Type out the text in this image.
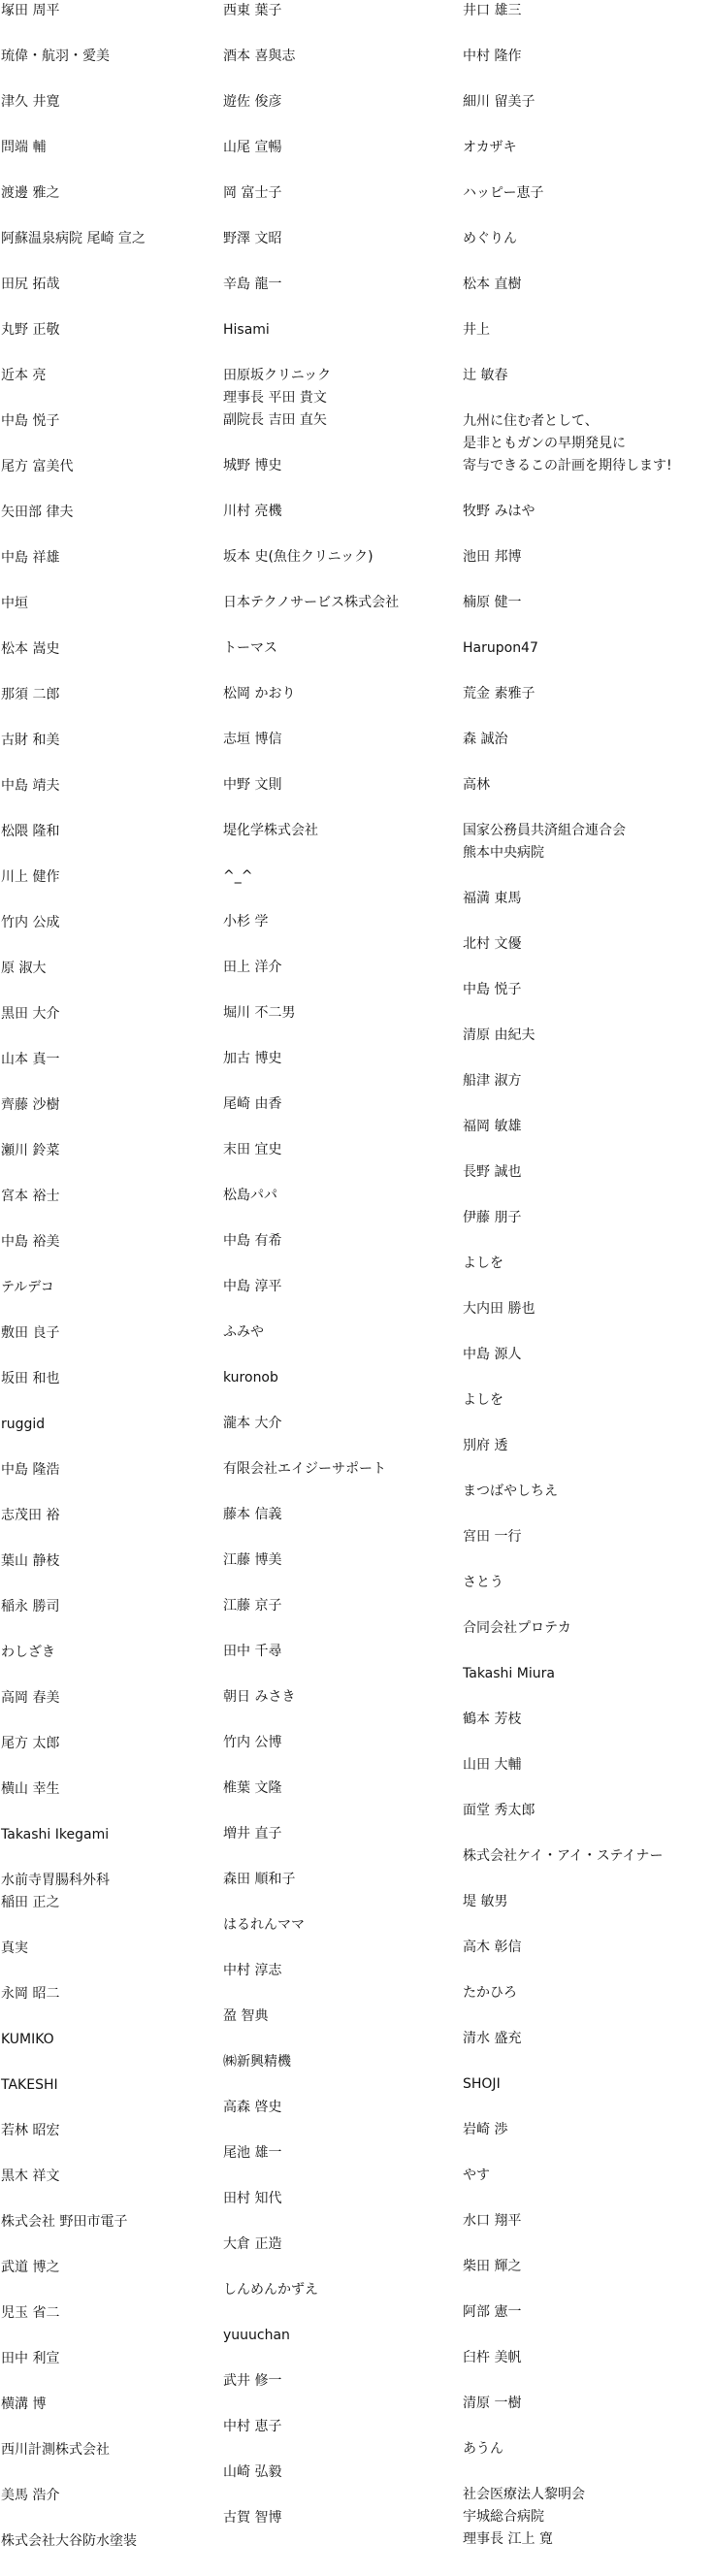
塚田 周平
琉偉・航羽・愛美
津久 井寛
問端 輔
渡邊 雅之
阿蘇温泉病院 尾崎 宣之
田尻 拓哉
丸野 正敬
近本 亮
中島 悦子
尾方 富美代
矢田部 律夫
中島 祥雄
中垣
松本 嵩史
那須 二郎
古財 和美
中島 靖夫
松隈 隆和
川上 健作
竹内 公成
原 淑大
黒田 大介
山本 真一
齊藤 沙樹
瀬川 鈴菜
宮本 裕士
中島 裕美
テルデコ
敷田 良子
坂田 和也
ruggid
中島 隆浩
志茂田 裕
葉山 静枝
稲永 勝司
わしざき
高岡 春美
尾方 太郎
横山 幸生
Takashi Ikegami
水前寺胃腸科外科
稲田 正之
真実
永岡 昭二
KUMIKO
TAKESHI
若林 昭宏
黒木 祥文
株式会社 野田市電子
武道 博之
児玉 省二
田中 利宣
横溝 博
西川計測株式会社
美馬 浩介
株式会社大谷防水塗装
西東 葉子
酒本 喜與志
遊佐 俊彦
山尾 宣暢
岡 富士子
野澤 文昭
辛島 龍一
Hisami
田原坂クリニック
理事長 平田 貴文
副院長 吉田 直矢
城野 博史
川村 亮機
坂本 史(魚住クリニック)
日本テクノサービス株式会社
トーマス
松岡 かおり
志垣 博信
中野 文則
堤化学株式会社
^_^
小杉 学
田上 洋介
堀川 不二男
加古 博史
尾崎 由香
末田 宜史
松島パパ
中島 有希
中島 淳平
ふみや
kuronob
瀧本 大介
有限会社エイジーサポート
藤本 信義
江藤 博美
江藤 京子
田中 千尋
朝日 みさき
竹内 公博
椎葉 文隆
増井 直子
森田 順和子
はるれんママ
中村 淳志
盈 智典
㈱新興精機
高森 啓史
尾池 雄一
田村 知代
大倉 正造
しんめんかずえ
yuuuchan
武井 修一
中村 恵子
山崎 弘毅
古賀 智博
井口 雄三
中村 隆作
細川 留美子
オカザキ
ハッピー恵子
めぐりん
松本 直樹
井上
辻 敏春
九州に住む者として、
是非ともガンの早期発見に
寄与できるこの計画を期待します!
牧野 みはや
池田 邦博
楠原 健一
Harupon47
荒金 素雅子
森 誠治
高林
国家公務員共済組合連合会
熊本中央病院
福満 東馬
北村 文優
中島 悦子
清原 由紀夫
船津 淑方
福岡 敏雄
長野 誠也
伊藤 朋子
よしを
大内田 勝也
中島 源人
よしを
別府 透
まつばやしちえ
宮田 一行
さとう
合同会社プロテカ
Takashi Miura
鶴本 芳枝
山田 大輔
面堂 秀太郎
株式会社ケイ・アイ・ステイナー
堤 敏男
高木 彰信
たかひろ
清水 盛充
SHOJI
岩崎 渉
やす
水口 翔平
柴田 輝之
阿部 憲一
臼杵 美帆
清原 一樹
あうん
社会医療法人黎明会
宇城総合病院
理事長 江上 寛
